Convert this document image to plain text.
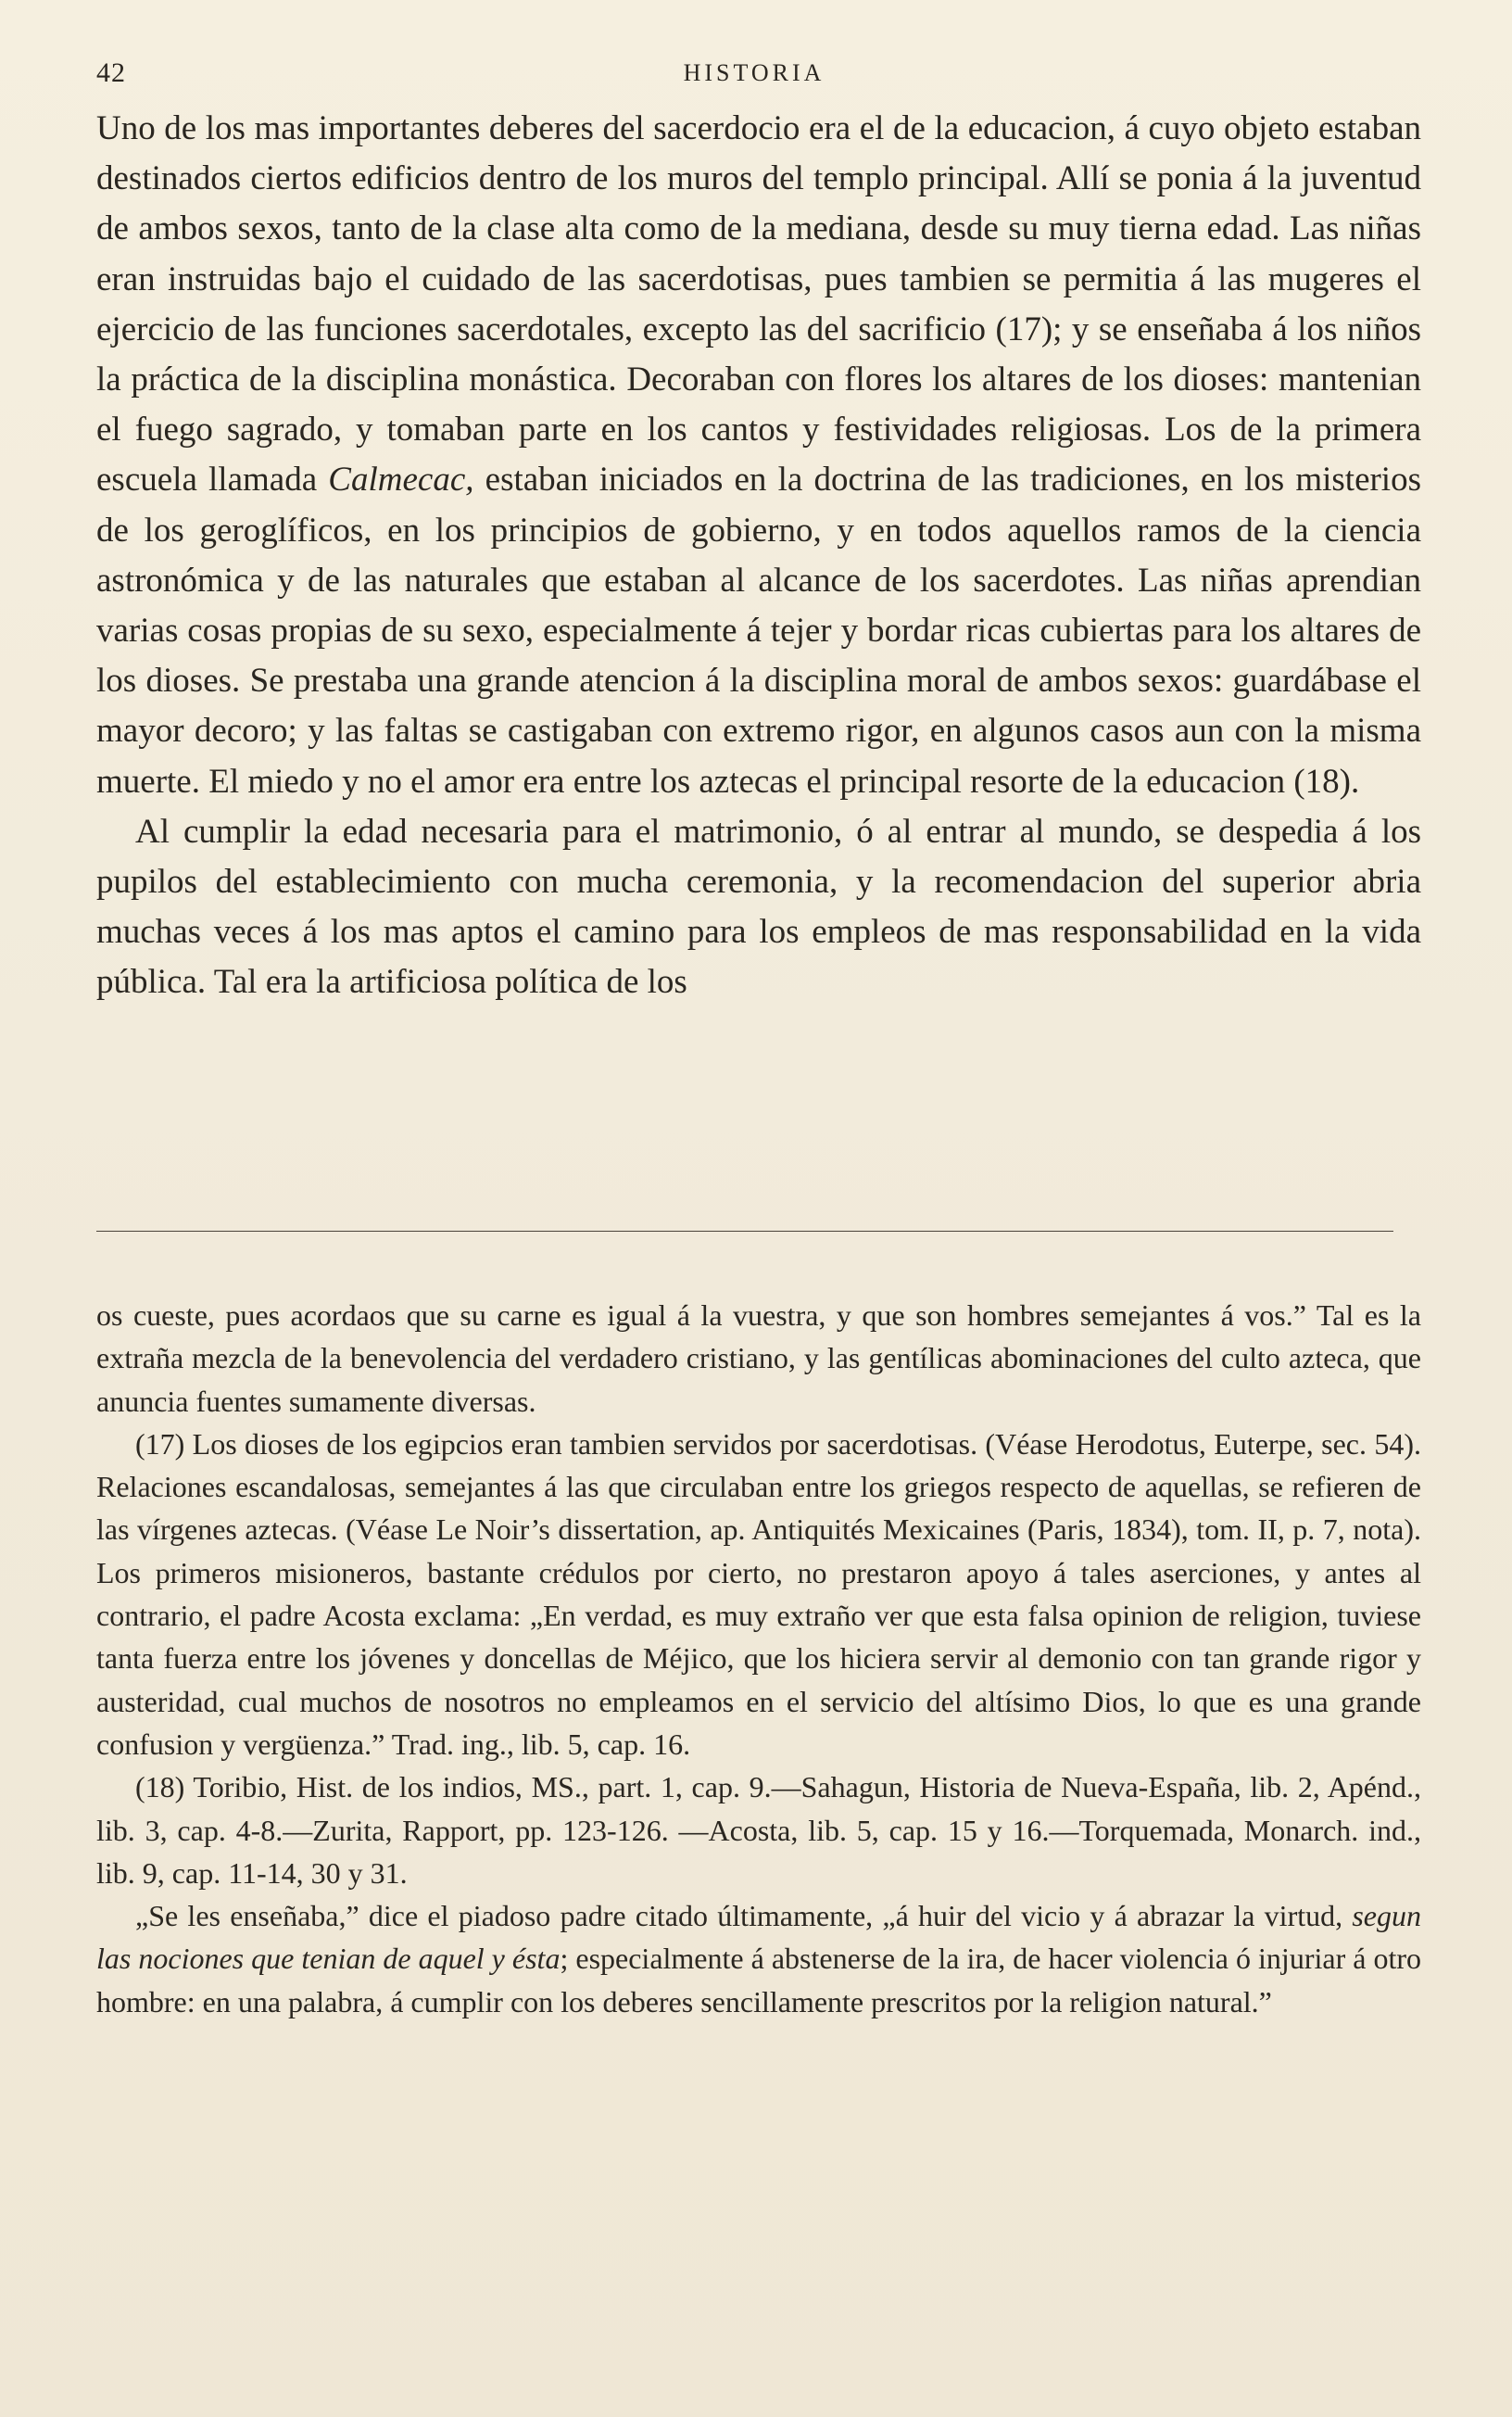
42	HISTORIA

Uno de los mas importantes deberes del sacerdocio era el de la educacion, á cuyo objeto estaban destinados ciertos edificios dentro de los muros del templo principal. Allí se ponia á la juventud de ambos sexos, tanto de la clase alta como de la mediana, desde su muy tierna edad. Las niñas eran instruidas bajo el cuidado de las sacerdotisas, pues tambien se permitia á las mugeres el ejercicio de las funciones sacerdotales, excepto las del sacrificio (17); y se enseñaba á los niños la práctica de la disciplina monástica. Decoraban con flores los altares de los dioses: mantenian el fuego sagrado, y tomaban parte en los cantos y festividades religiosas. Los de la primera escuela llamada Calmecac, estaban iniciados en la doctrina de las tradiciones, en los misterios de los geroglíficos, en los principios de gobierno, y en todos aquellos ramos de la ciencia astronómica y de las naturales que estaban al alcance de los sacerdotes. Las niñas aprendian varias cosas propias de su sexo, especialmente á tejer y bordar ricas cubiertas para los altares de los dioses. Se prestaba una grande atencion á la disciplina moral de ambos sexos: guardábase el mayor decoro; y las faltas se castigaban con extremo rigor, en algunos casos aun con la misma muerte. El miedo y no el amor era entre los aztecas el principal resorte de la educacion (18).

Al cumplir la edad necesaria para el matrimonio, ó al entrar al mundo, se despedia á los pupilos del establecimiento con mucha ceremonia, y la recomendacion del superior abria muchas veces á los mas aptos el camino para los empleos de mas responsabilidad en la vida pública. Tal era la artificiosa política de los

os cueste, pues acordaos que su carne es igual á la vuestra, y que son hombres semejantes á vos.” Tal es la extraña mezcla de la benevolencia del verdadero cristiano, y las gentílicas abominaciones del culto azteca, que anuncia fuentes sumamente diversas.

(17) Los dioses de los egipcios eran tambien servidos por sacerdotisas. (Véase Herodotus, Euterpe, sec. 54). Relaciones escandalosas, semejantes á las que circulaban entre los griegos respecto de aquellas, se refieren de las vírgenes aztecas. (Véase Le Noir’s dissertation, ap. Antiquités Mexicaines (Paris, 1834), tom. II, p. 7, nota). Los primeros misioneros, bastante crédulos por cierto, no prestaron apoyo á tales aserciones, y antes al contrario, el padre Acosta exclama: „En verdad, es muy extraño ver que esta falsa opinion de religion, tuviese tanta fuerza entre los jóvenes y doncellas de Méjico, que los hiciera servir al demonio con tan grande rigor y austeridad, cual muchos de nosotros no empleamos en el servicio del altísimo Dios, lo que es una grande confusion y vergüenza.” Trad. ing., lib. 5, cap. 16.

(18) Toribio, Hist. de los indios, MS., part. 1, cap. 9.—Sahagun, Historia de Nueva-España, lib. 2, Apénd., lib. 3, cap. 4-8.—Zurita, Rapport, pp. 123-126. —Acosta, lib. 5, cap. 15 y 16.—Torquemada, Monarch. ind., lib. 9, cap. 11-14, 30 y 31.

„Se les enseñaba,” dice el piadoso padre citado últimamente, „á huir del vicio y á abrazar la virtud, segun las nociones que tenian de aquel y ésta; especialmente á abstenerse de la ira, de hacer violencia ó injuriar á otro hombre: en una palabra, á cumplir con los deberes sencillamente prescritos por la religion natural.”
